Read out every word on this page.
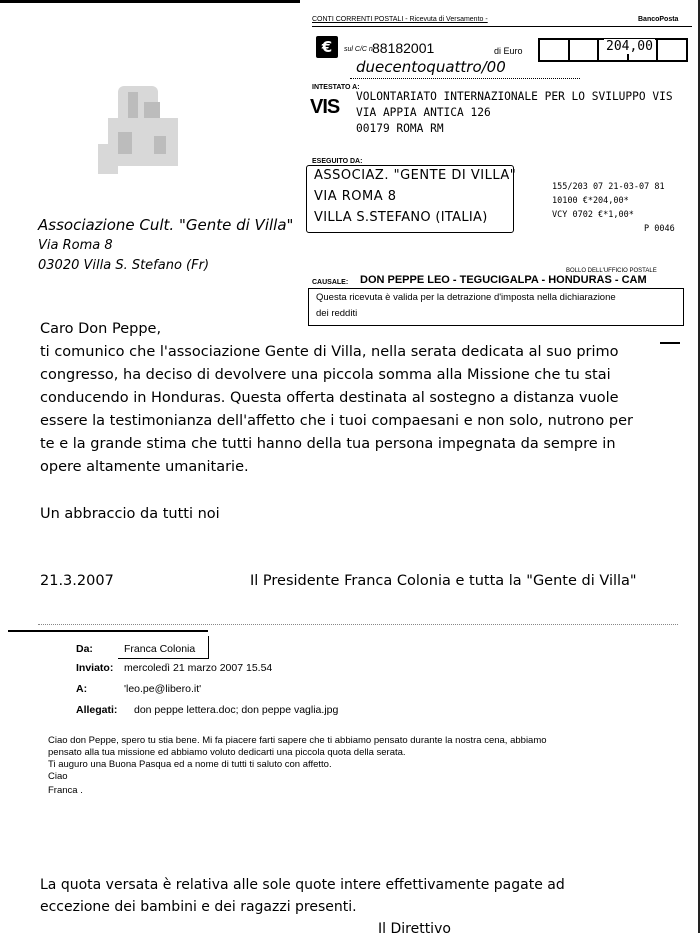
CONTI CORRENTI POSTALI - Ricevuta di Versamento -	BancoPosta
€	sul C/C n.
88182001	di Euro	204,00
duecentoquattro/00
INTESTATO A:
VIS VOLONTARIATO INTERNAZIONALE PER LO SVILUPPO VIS
VIA APPIA ANTICA 126
00179 ROMA RM
ESEGUITO DA:
ASSOCIAZ. "GENTE DI VILLA"
VIA ROMA 8
VILLA S.STEFANO (ITALIA)
155/203 07 21-03-07 81
10100 €*204,00*
VCY 0702 €*1,00*
P 0046
BOLLO DELL'UFFICIO POSTALE
CAUSALE: DON PEPPE LEO - TEGUCIGALPA - HONDURAS - CAM
Questa ricevuta è valida per la detrazione d'imposta nella dichiarazione
dei redditi
Associazione Cult. "Gente di Villa"
Via Roma 8
03020 Villa S. Stefano (Fr)
Caro Don Peppe,
ti comunico che l'associazione Gente di Villa, nella serata dedicata al suo primo
congresso, ha deciso di devolvere una piccola somma alla Missione che tu stai
conducendo in Honduras. Questa offerta destinata al sostegno a distanza vuole
essere la testimonianza dell'affetto che i tuoi compaesani e non solo, nutrono per
te e la grande stima che tutti hanno della tua persona impegnata da sempre in
opere altamente umanitarie.
Un abbraccio da tutti noi
21.3.2007	Il Presidente Franca Colonia e tutta la "Gente di Villa"
Da:	Franca Colonia
Inviato: mercoledì 21 marzo 2007 15.54
A:	'leo.pe@libero.it'
Allegati: don peppe lettera.doc; don peppe vaglia.jpg
Ciao don Peppe, spero tu stia bene. Mi fa piacere farti sapere che ti abbiamo pensato durante la nostra cena, abbiamo
pensato alla tua missione ed abbiamo voluto dedicarti una piccola quota della serata.
Ti auguro una Buona Pasqua ed a nome di tutti ti saluto con affetto.
Ciao
Franca .
La quota versata è relativa alle sole quote intere effettivamente pagate ad
eccezione dei bambini e dei ragazzi presenti.
Il Direttivo
